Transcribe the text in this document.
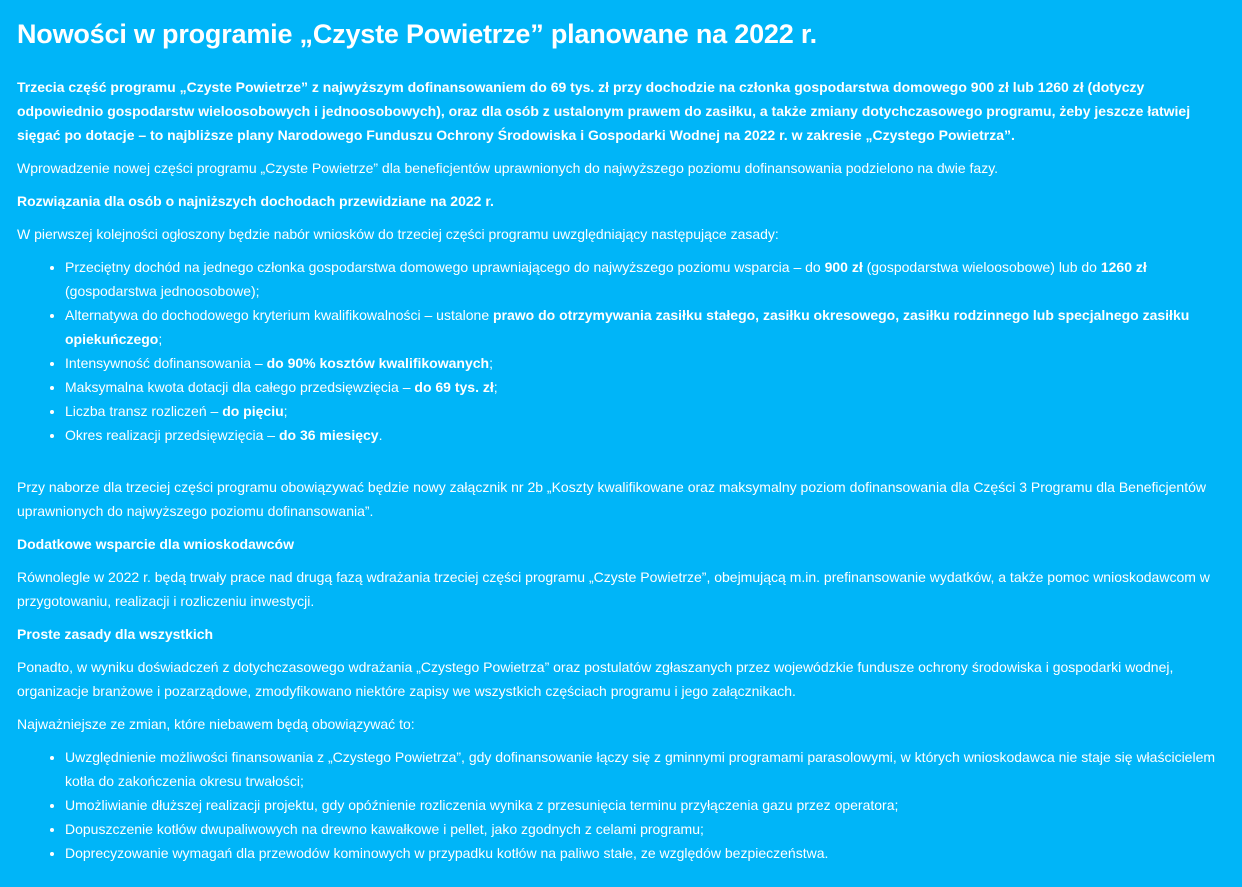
Nowości w programie „Czyste Powietrze” planowane na 2022 r.

Trzecia część programu „Czyste Powietrze” z najwyższym dofinansowaniem do 69 tys. zł przy dochodzie na członka gospodarstwa domowego 900 zł lub 1260 zł (dotyczy odpowiednio gospodarstw wieloosobowych i jednoosobowych), oraz dla osób z ustalonym prawem do zasiłku, a także zmiany dotychczasowego programu, żeby jeszcze łatwiej sięgać po dotacje – to najbliższe plany Narodowego Funduszu Ochrony Środowiska i Gospodarki Wodnej na 2022 r. w zakresie „Czystego Powietrza”.

Wprowadzenie nowej części programu „Czyste Powietrze” dla beneficjentów uprawnionych do najwyższego poziomu dofinansowania podzielono na dwie fazy.

Rozwiązania dla osób o najniższych dochodach przewidziane na 2022 r.

W pierwszej kolejności ogłoszony będzie nabór wniosków do trzeciej części programu uwzględniający następujące zasady:

• Przeciętny dochód na jednego członka gospodarstwa domowego uprawniającego do najwyższego poziomu wsparcia – do 900 zł (gospodarstwa wieloosobowe) lub do 1260 zł (gospodarstwa jednoosobowe);
• Alternatywa do dochodowego kryterium kwalifikowalności – ustalone prawo do otrzymywania zasiłku stałego, zasiłku okresowego, zasiłku rodzinnego lub specjalnego zasiłku opiekuńczego;
• Intensywność dofinansowania – do 90% kosztów kwalifikowanych;
• Maksymalna kwota dotacji dla całego przedsięwzięcia – do 69 tys. zł;
• Liczba transz rozliczeń – do pięciu;
• Okres realizacji przedsięwzięcia – do 36 miesięcy.

Przy naborze dla trzeciej części programu obowiązywać będzie nowy załącznik nr 2b „Koszty kwalifikowane oraz maksymalny poziom dofinansowania dla Części 3 Programu dla Beneficjentów uprawnionych do najwyższego poziomu dofinansowania”.

Dodatkowe wsparcie dla wnioskodawców

Równolegle w 2022 r. będą trwały prace nad drugą fazą wdrażania trzeciej części programu „Czyste Powietrze”, obejmującą m.in. prefinansowanie wydatków, a także pomoc wnioskodawcom w przygotowaniu, realizacji i rozliczeniu inwestycji.

Proste zasady dla wszystkich

Ponadto, w wyniku doświadczeń z dotychczasowego wdrażania „Czystego Powietrza” oraz postulatów zgłaszanych przez wojewódzkie fundusze ochrony środowiska i gospodarki wodnej, organizacje branżowe i pozarządowe, zmodyfikowano niektóre zapisy we wszystkich częściach programu i jego załącznikach.

Najważniejsze ze zmian, które niebawem będą obowiązywać to:

• Uwzględnienie możliwości finansowania z „Czystego Powietrza”, gdy dofinansowanie łączy się z gminnymi programami parasolowymi, w których wnioskodawca nie staje się właścicielem kotła do zakończenia okresu trwałości;
• Umożliwianie dłuższej realizacji projektu, gdy opóźnienie rozliczenia wynika z przesunięcia terminu przyłączenia gazu przez operatora;
• Dopuszczenie kotłów dwupaliwowych na drewno kawałkowe i pellet, jako zgodnych z celami programu;
• Doprecyzowanie wymagań dla przewodów kominowych w przypadku kotłów na paliwo stałe, ze względów bezpieczeństwa.
